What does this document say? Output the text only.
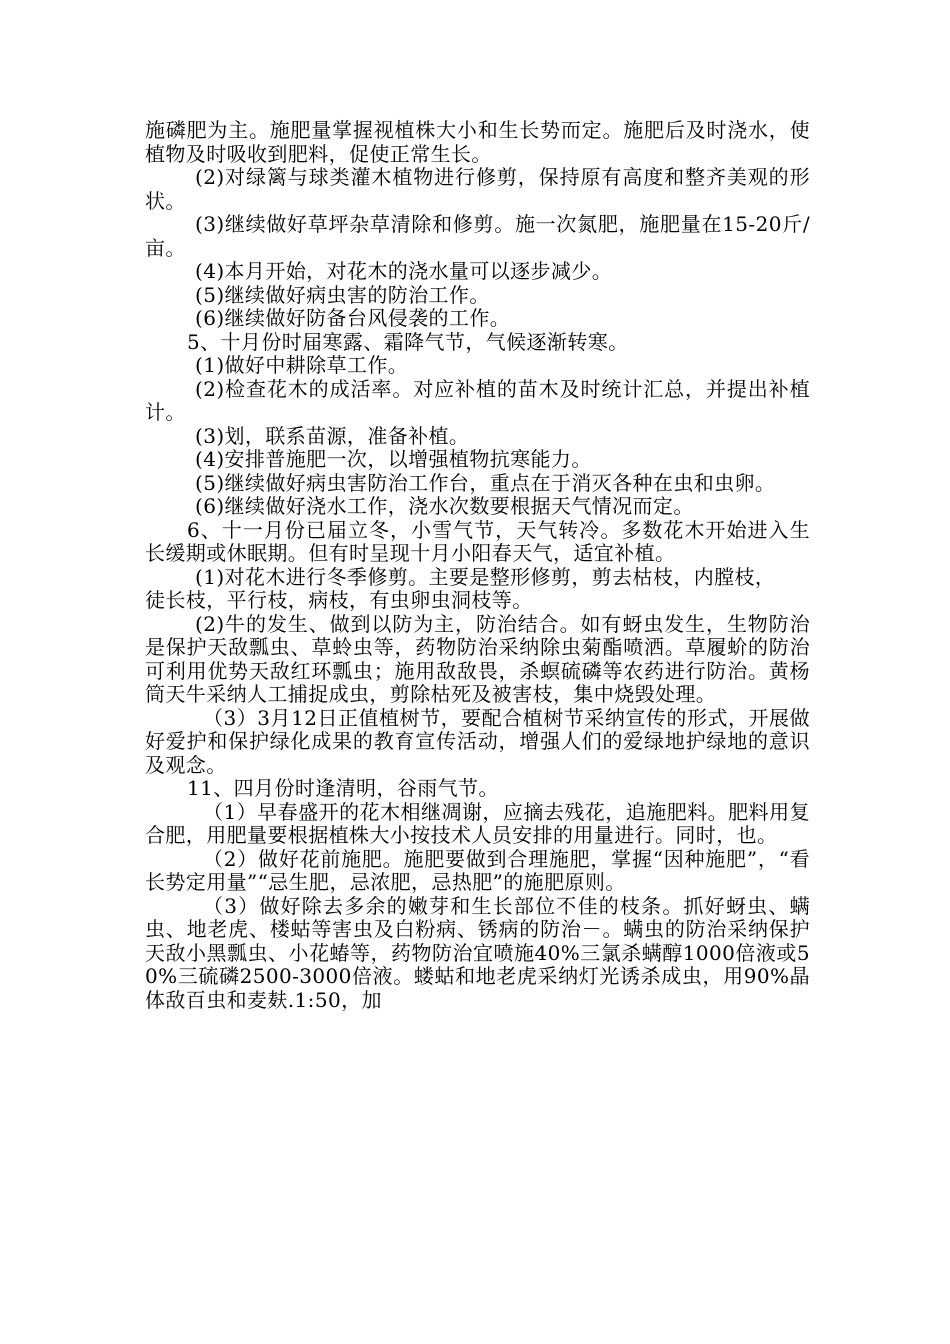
施磷肥为主。施肥量掌握视植株大小和生长势而定。施肥后及时浇水，使植物及时吸收到肥料，促使正常生长。

(2)对绿篱与球类灌木植物进行修剪，保持原有高度和整齐美观的形状。

(3)继续做好草坪杂草清除和修剪。施一次氮肥，施肥量在15-20斤/亩。

(4)本月开始，对花木的浇水量可以逐步减少。

(5)继续做好病虫害的防治工作。

(6)继续做好防备台风侵袭的工作。

5、十月份时届寒露、霜降气节，气候逐渐转寒。

(1)做好中耕除草工作。

(2)检查花木的成活率。对应补植的苗木及时统计汇总，并提出补植计。

(3)划，联系苗源，准备补植。

(4)安排普施肥一次，以增强植物抗寒能力。

(5)继续做好病虫害防治工作台，重点在于消灭各种在虫和虫卵。

(6)继续做好浇水工作，浇水次数要根据天气情况而定。

6、十一月份已届立冬，小雪气节，天气转冷。多数花木开始进入生长缓期或休眠期。但有时呈现十月小阳春天气，适宜补植。

(1)对花木进行冬季修剪。主要是整形修剪，剪去枯枝，内膛枝，

徒长枝，平行枝，病枝，有虫卵虫洞枝等。

(2)牛的发生、做到以防为主，防治结合。如有蚜虫发生，生物防治是保护天敌瓢虫、草蛉虫等，药物防治采纳除虫菊酯喷洒。草履蚧的防治可利用优势天敌红环瓢虫；施用敌敌畏，杀螟硫磷等农药进行防治。黄杨筒天牛采纳人工捕捉成虫，剪除枯死及被害枝，集中烧毁处理。

（3）3月12日正值植树节，要配合植树节采纳宣传的形式，开展做好爱护和保护绿化成果的教育宣传活动，增强人们的爱绿地护绿地的意识及观念。

11、四月份时逢清明，谷雨气节。

（1）早春盛开的花木相继凋谢，应摘去残花，追施肥料。肥料用复合肥，用肥量要根据植株大小按技术人员安排的用量进行。同时，也。

（2）做好花前施肥。施肥要做到合理施肥，掌握“因种施肥”，“看长势定用量”“忌生肥，忌浓肥，忌热肥”的施肥原则。

（3）做好除去多余的嫩芽和生长部位不佳的枝条。抓好蚜虫、螨虫、地老虎、楼蛄等害虫及白粉病、锈病的防治－。螨虫的防治采纳保护天敌小黑瓢虫、小花蝽等，药物防治宜喷施40%三氯杀螨醇1000倍液或50%三硫磷2500-3000倍液。蝼蛄和地老虎采纳灯光诱杀成虫，用90%晶体敌百虫和麦麸.1:50，加
